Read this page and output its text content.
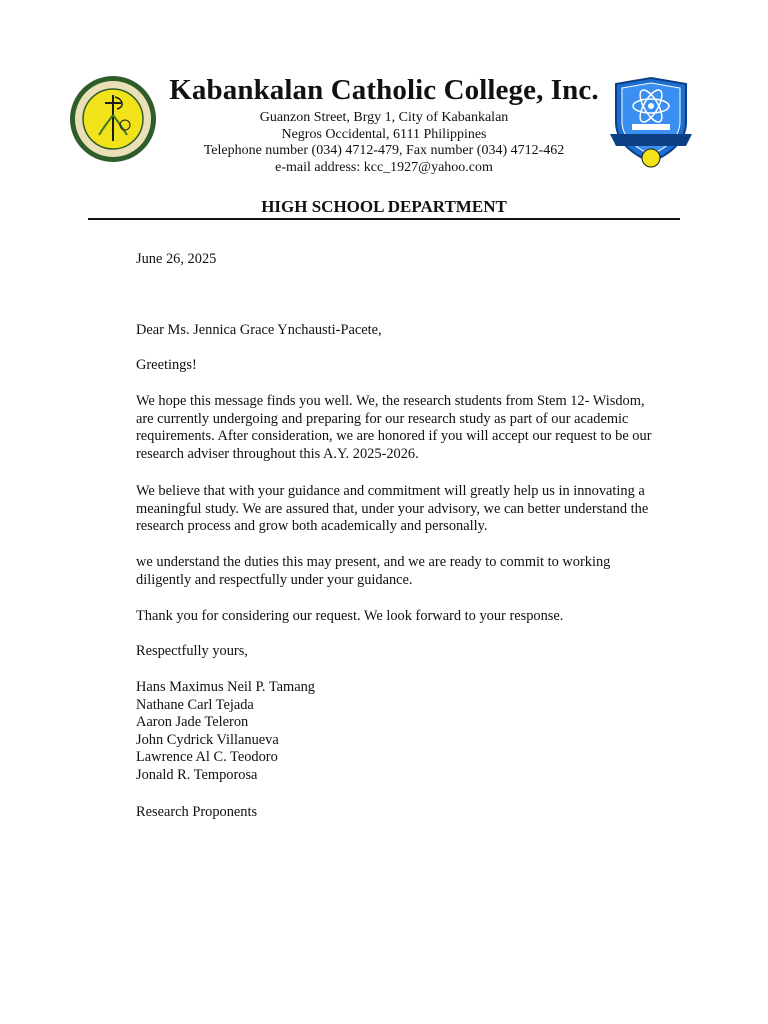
Kabankalan Catholic College, Inc.
Guanzon Street, Brgy 1, City of Kabankalan
Negros Occidental, 6111 Philippines
Telephone number (034) 4712-479, Fax number (034) 4712-462
e-mail address: kcc_1927@yahoo.com
HIGH SCHOOL DEPARTMENT
June 26, 2025
Dear Ms. Jennica Grace Ynchausti-Pacete,
Greetings!
We hope this message finds you well. We, the research students from Stem 12- Wisdom,
are currently undergoing and preparing for our research study as part of our academic
requirements. After consideration, we are honored if you will accept our request to be our
research adviser throughout this A.Y. 2025-2026.
We believe that with your guidance and commitment will greatly help us in innovating a
meaningful study. We are assured that, under your advisory, we can better understand the
research process and grow both academically and personally.
we understand the duties this may present, and we are ready to commit to working
diligently and respectfully under your guidance.
Thank you for considering our request. We look forward to your response.
Respectfully yours,
Hans Maximus Neil P. Tamang
Nathane Carl Tejada
Aaron Jade Teleron
John Cydrick Villanueva
Lawrence Al C. Teodoro
Jonald R. Temporosa
Research Proponents
